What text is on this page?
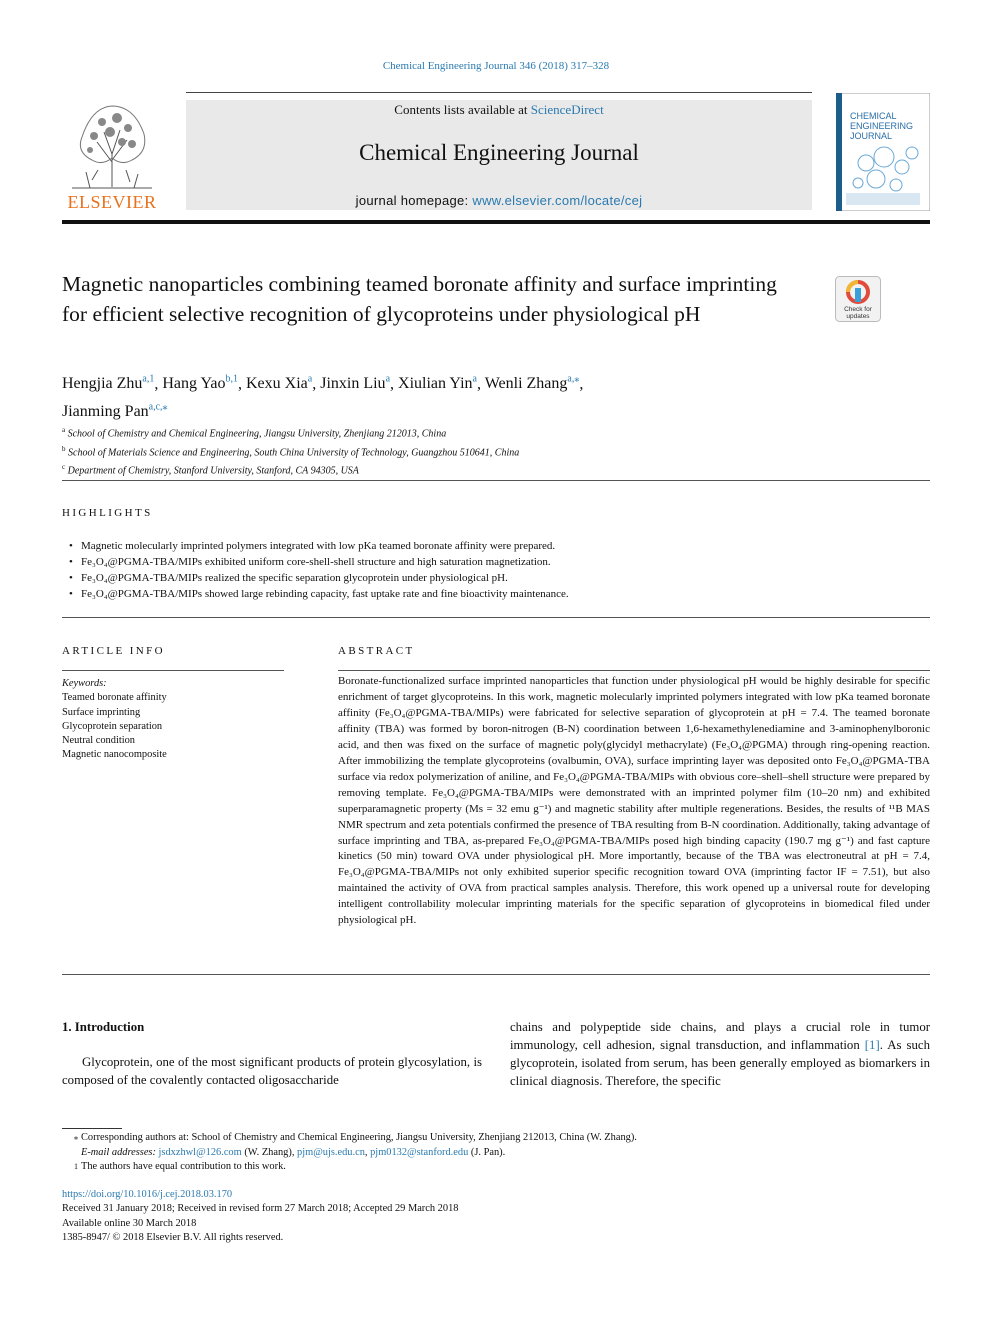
Chemical Engineering Journal 346 (2018) 317–328
ELSEVIER
Contents lists available at ScienceDirect
Chemical Engineering Journal
journal homepage: www.elsevier.com/locate/cej
CHEMICAL
ENGINEERING
JOURNAL
Magnetic nanoparticles combining teamed boronate affinity and surface imprinting for efficient selective recognition of glycoproteins under physiological pH	Check for
updates
Hengjia Zhu$^{a,1}$, Hang Yao$^{b,1}$, Kexu Xia$^a$, Jinxin Liu$^a$, Xiulian Yin$^a$, Wenli Zhang$^{a,⁎}$,
Jianming Pan$^{a,c,⁎}$
$^a$ School of Chemistry and Chemical Engineering, Jiangsu University, Zhenjiang 212013, China
$^b$ School of Materials Science and Engineering, South China University of Technology, Guangzhou 510641, China
$^c$ Department of Chemistry, Stanford University, Stanford, CA 94305, USA
HIGHLIGHTS
• Magnetic molecularly imprinted polymers integrated with low pKa teamed boronate affinity were prepared.
• Fe₃O₄@PGMA-TBA/MIPs exhibited uniform core-shell-shell structure and high saturation magnetization.
• Fe₃O₄@PGMA-TBA/MIPs realized the specific separation glycoprotein under physiological pH.
• Fe₃O₄@PGMA-TBA/MIPs showed large rebinding capacity, fast uptake rate and fine bioactivity maintenance.
ARTICLE INFO
Keywords:
Teamed boronate affinity
Surface imprinting
Glycoprotein separation
Neutral condition
Magnetic nanocomposite
ABSTRACT
Boronate-functionalized surface imprinted nanoparticles that function under physiological pH would be highly desirable for specific enrichment of target glycoproteins. In this work, magnetic molecularly imprinted polymers integrated with low pKa teamed boronate affinity (Fe₃O₄@PGMA-TBA/MIPs) were fabricated for selective separation of glycoprotein at pH = 7.4. The teamed boronate affinity (TBA) was formed by boron-nitrogen (B-N) coordination between 1,6-hexamethylenediamine and 3-aminophenylboronic acid, and then was fixed on the surface of magnetic poly(glycidyl methacrylate) (Fe₃O₄@PGMA) through ring-opening reaction. After immobilizing the template glycoproteins (ovalbumin, OVA), surface imprinting layer was deposited onto Fe₃O₄@PGMA-TBA surface via redox polymerization of aniline, and Fe₃O₄@PGMA-TBA/MIPs with obvious core–shell–shell structure were prepared by removing template. Fe₃O₄@PGMA-TBA/MIPs were demonstrated with an imprinted polymer film (10–20 nm) and exhibited superparamagnetic property (Ms = 32 emu g⁻¹) and magnetic stability after multiple regenerations. Besides, the results of ¹¹B MAS NMR spectrum and zeta potentials confirmed the presence of TBA resulting from B-N coordination. Additionally, taking advantage of surface imprinting and TBA, as-prepared Fe₃O₄@PGMA-TBA/MIPs posed high binding capacity (190.7 mg g⁻¹) and fast capture kinetics (50 min) toward OVA under physiological pH. More importantly, because of the TBA was electroneutral at pH = 7.4, Fe₃O₄@PGMA-TBA/MIPs not only exhibited superior specific recognition toward OVA (imprinting factor IF = 7.51), but also maintained the activity of OVA from practical samples analysis. Therefore, this work opened up a universal route for developing intelligent controllability molecular imprinting materials for the specific separation of glycoproteins in biomedical filed under physiological pH.
1. Introduction
Glycoprotein, one of the most significant products of protein glycosylation, is composed of the covalently contacted oligosaccharide
chains and polypeptide side chains, and plays a crucial role in tumor immunology, cell adhesion, signal transduction, and inflammation [1]. As such glycoprotein, isolated from serum, has been generally employed as biomarkers in clinical diagnosis. Therefore, the specific
⁎ Corresponding authors at: School of Chemistry and Chemical Engineering, Jiangsu University, Zhenjiang 212013, China (W. Zhang).
E-mail addresses: jsdxzhwl@126.com (W. Zhang), pjm@ujs.edu.cn, pjm0132@stanford.edu (J. Pan).
1 The authors have equal contribution to this work.
https://doi.org/10.1016/j.cej.2018.03.170
Received 31 January 2018; Received in revised form 27 March 2018; Accepted 29 March 2018
Available online 30 March 2018
1385-8947/ © 2018 Elsevier B.V. All rights reserved.
